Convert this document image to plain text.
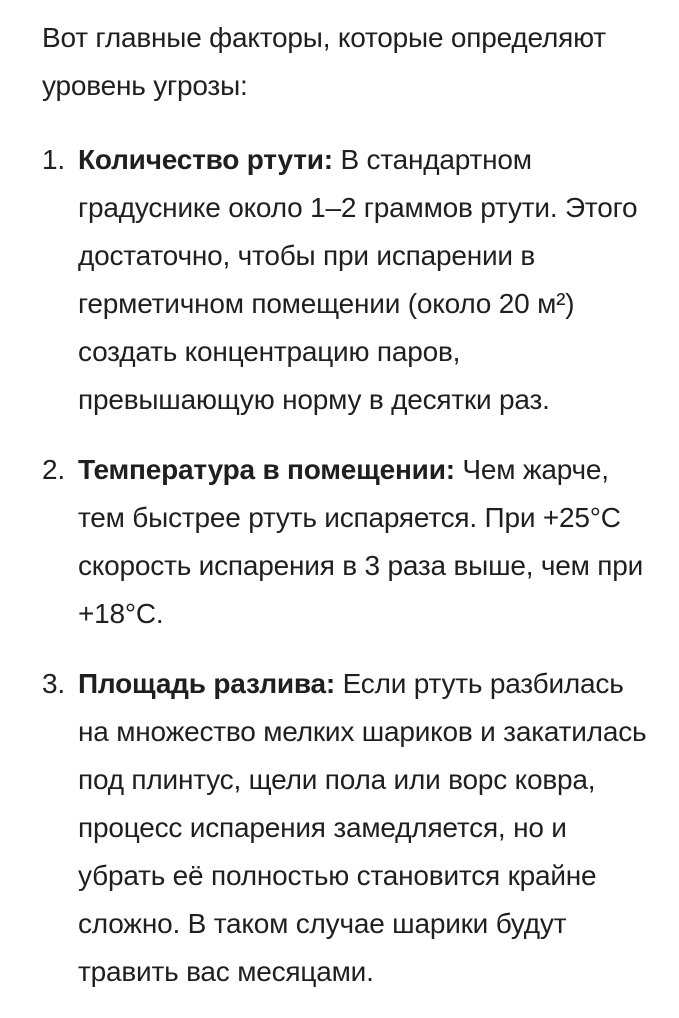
Вот главные факторы, которые определяют уровень угрозы:

1. Количество ртути: В стандартном градуснике около 1–2 граммов ртути. Этого достаточно, чтобы при испарении в герметичном помещении (около 20 м²) создать концентрацию паров, превышающую норму в десятки раз.
2. Температура в помещении: Чем жарче, тем быстрее ртуть испаряется. При +25°С скорость испарения в 3 раза выше, чем при +18°С.
3. Площадь разлива: Если ртуть разбилась на множество мелких шариков и закатилась под плинтус, щели пола или ворс ковра, процесс испарения замедляется, но и убрать её полностью становится крайне сложно. В таком случае шарики будут травить вас месяцами.
